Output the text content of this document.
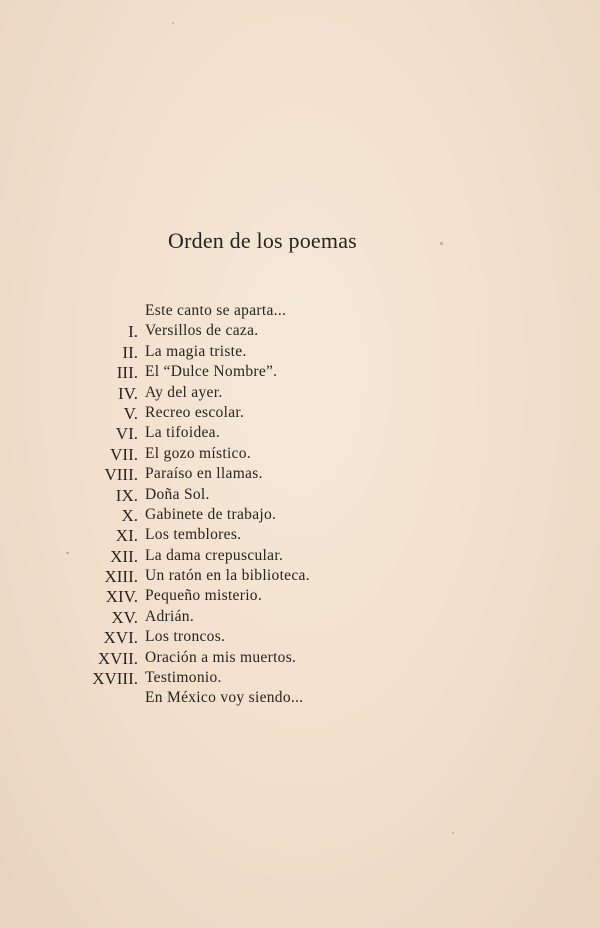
Orden de los poemas
Este canto se aparta...
I. Versillos de caza.
II. La magia triste.
III. El “Dulce Nombre”.
IV. Ay del ayer.
V. Recreo escolar.
VI. La tifoidea.
VII. El gozo místico.
VIII. Paraíso en llamas.
IX. Doña Sol.
X. Gabinete de trabajo.
XI. Los temblores.
XII. La dama crepuscular.
XIII. Un ratón en la biblioteca.
XIV. Pequeño misterio.
XV. Adrián.
XVI. Los troncos.
XVII. Oración a mis muertos.
XVIII. Testimonio.
En México voy siendo...
